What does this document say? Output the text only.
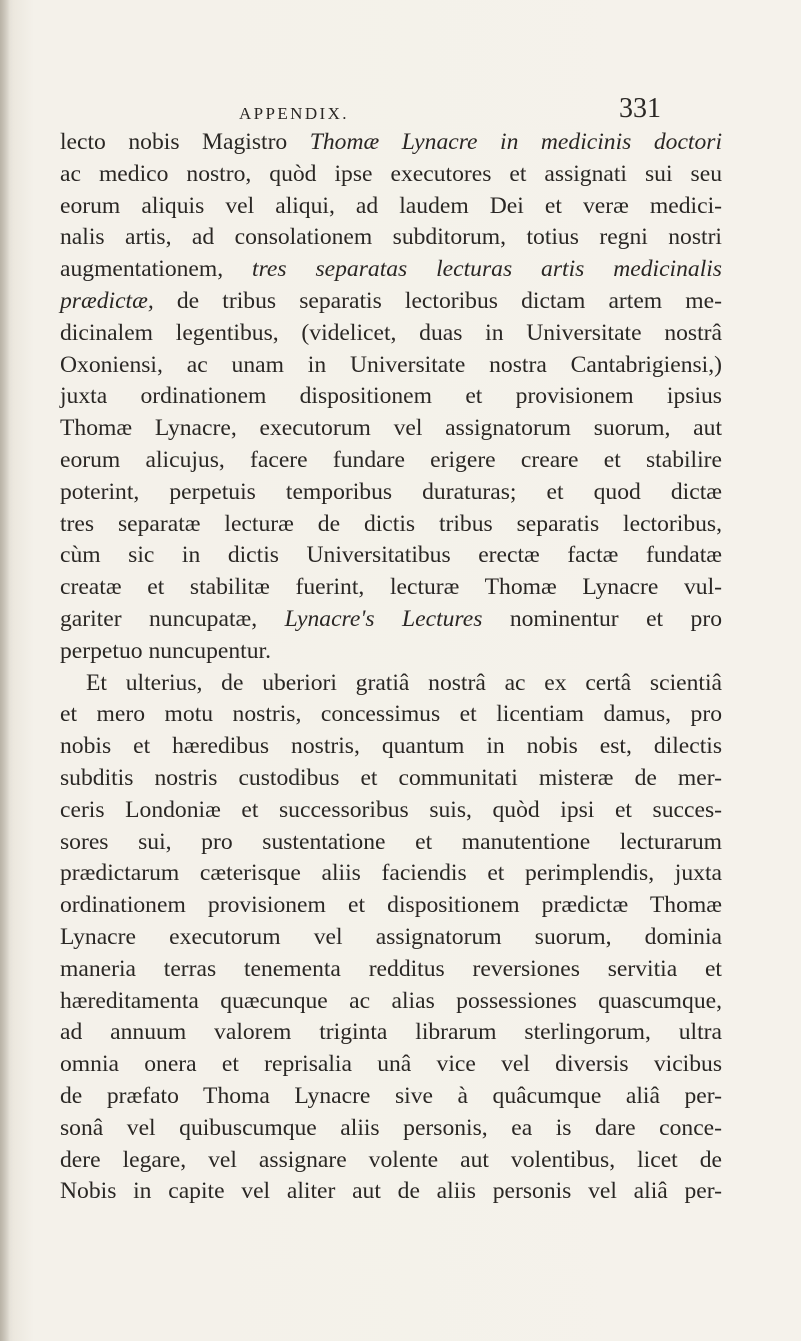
APPENDIX.	331
lecto nobis Magistro Thomæ Lynacre in medicinis doctori
ac medico nostro, quòd ipse executores et assignati sui seu
eorum aliquis vel aliqui, ad laudem Dei et veræ medici-
nalis artis, ad consolationem subditorum, totius regni nostri
augmentationem, tres separatas lecturas artis medicinalis
prædictæ, de tribus separatis lectoribus dictam artem me-
dicinalem legentibus, (videlicet, duas in Universitate nostrâ
Oxoniensi, ac unam in Universitate nostra Cantabrigiensi,)
juxta ordinationem dispositionem et provisionem ipsius
Thomæ Lynacre, executorum vel assignatorum suorum, aut
eorum alicujus, facere fundare erigere creare et stabilire
poterint, perpetuis temporibus duraturas; et quod dictæ
tres separatæ lecturæ de dictis tribus separatis lectoribus,
cùm sic in dictis Universitatibus erectæ factæ fundatæ
creatæ et stabilitæ fuerint, lecturæ Thomæ Lynacre vul-
gariter nuncupatæ, Lynacre's Lectures nominentur et pro
perpetuo nuncupentur.
Et ulterius, de uberiori gratiâ nostrâ ac ex certâ scientiâ
et mero motu nostris, concessimus et licentiam damus, pro
nobis et hæredibus nostris, quantum in nobis est, dilectis
subditis nostris custodibus et communitati misteræ de mer-
ceris Londoniæ et successoribus suis, quòd ipsi et succes-
sores sui, pro sustentatione et manutentione lecturarum
prædictarum cæterisque aliis faciendis et perimplendis, juxta
ordinationem provisionem et dispositionem prædictæ Thomæ
Lynacre executorum vel assignatorum suorum, dominia
maneria terras tenementa redditus reversiones servitia et
hæreditamenta quæcunque ac alias possessiones quascumque,
ad annuum valorem triginta librarum sterlingorum, ultra
omnia onera et reprisalia unâ vice vel diversis vicibus
de præfato Thoma Lynacre sive à quâcumque aliâ per-
sonâ vel quibuscumque aliis personis, ea is dare conce-
dere legare, vel assignare volente aut volentibus, licet de
Nobis in capite vel aliter aut de aliis personis vel aliâ per-
